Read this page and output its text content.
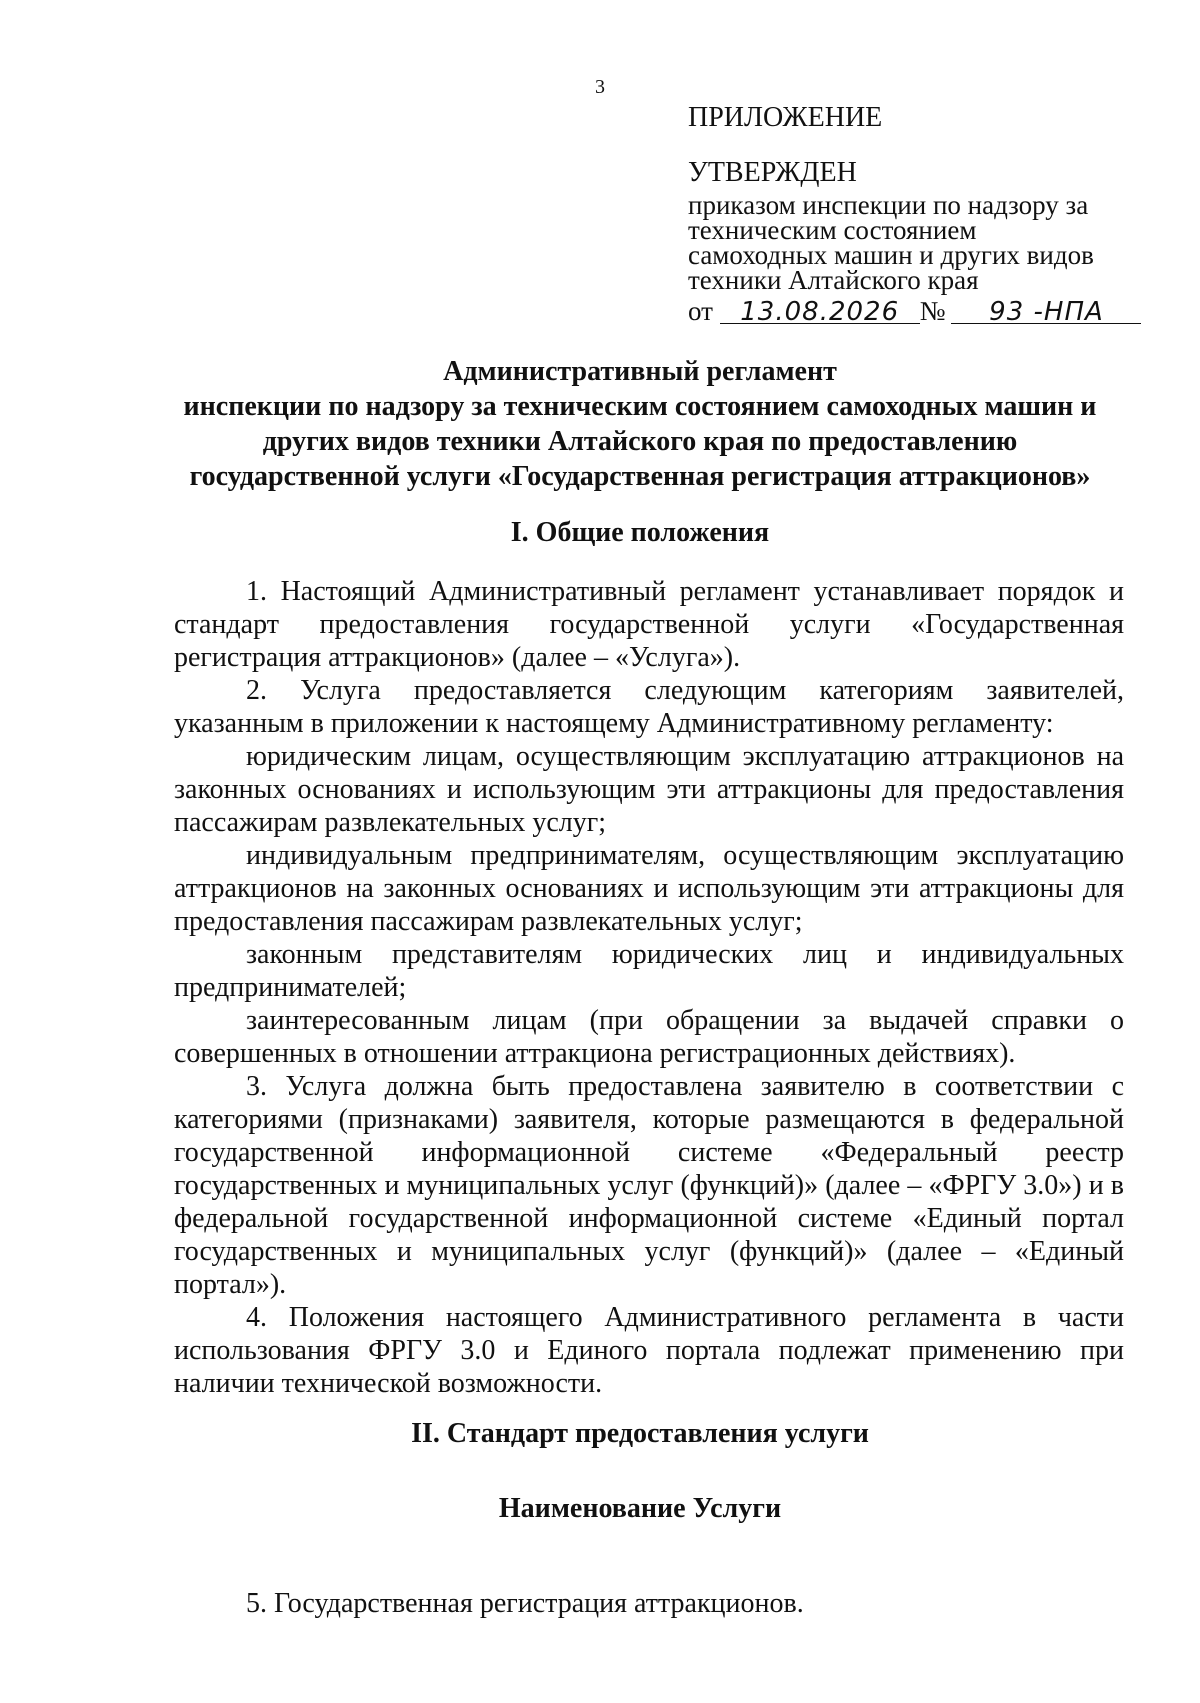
3
ПРИЛОЖЕНИЕ
УТВЕРЖДЕН
приказом инспекции по надзору за
техническим состоянием
самоходных машин и других видов
техники Алтайского края
от 13.08.2026 № 93 -НПА
Административный регламент
инспекции по надзору за техническим состоянием самоходных машин и
других видов техники Алтайского края по предоставлению
государственной услуги «Государственная регистрация аттракционов»
I. Общие положения

1. Настоящий Административный регламент устанавливает порядок и стандарт предоставления государственной услуги «Государственная регистрация аттракционов» (далее – «Услуга»).

2. Услуга предоставляется следующим категориям заявителей, указанным в приложении к настоящему Административному регламенту:

юридическим лицам, осуществляющим эксплуатацию аттракционов на законных основаниях и использующим эти аттракционы для предоставления пассажирам развлекательных услуг;

индивидуальным предпринимателям, осуществляющим эксплуатацию аттракционов на законных основаниях и использующим эти аттракционы для предоставления пассажирам развлекательных услуг;

законным представителям юридических лиц и индивидуальных предпринимателей;

заинтересованным лицам (при обращении за выдачей справки о совершенных в отношении аттракциона регистрационных действиях).

3. Услуга должна быть предоставлена заявителю в соответствии с категориями (признаками) заявителя, которые размещаются в федеральной государственной информационной системе «Федеральный реестр государственных и муниципальных услуг (функций)» (далее – «ФРГУ 3.0») и в федеральной государственной информационной системе «Единый портал государственных и муниципальных услуг (функций)» (далее – «Единый портал»).

4. Положения настоящего Административного регламента в части использования ФРГУ 3.0 и Единого портала подлежат применению при наличии технической возможности.

II. Стандарт предоставления услуги
Наименование Услуги
5. Государственная регистрация аттракционов.
